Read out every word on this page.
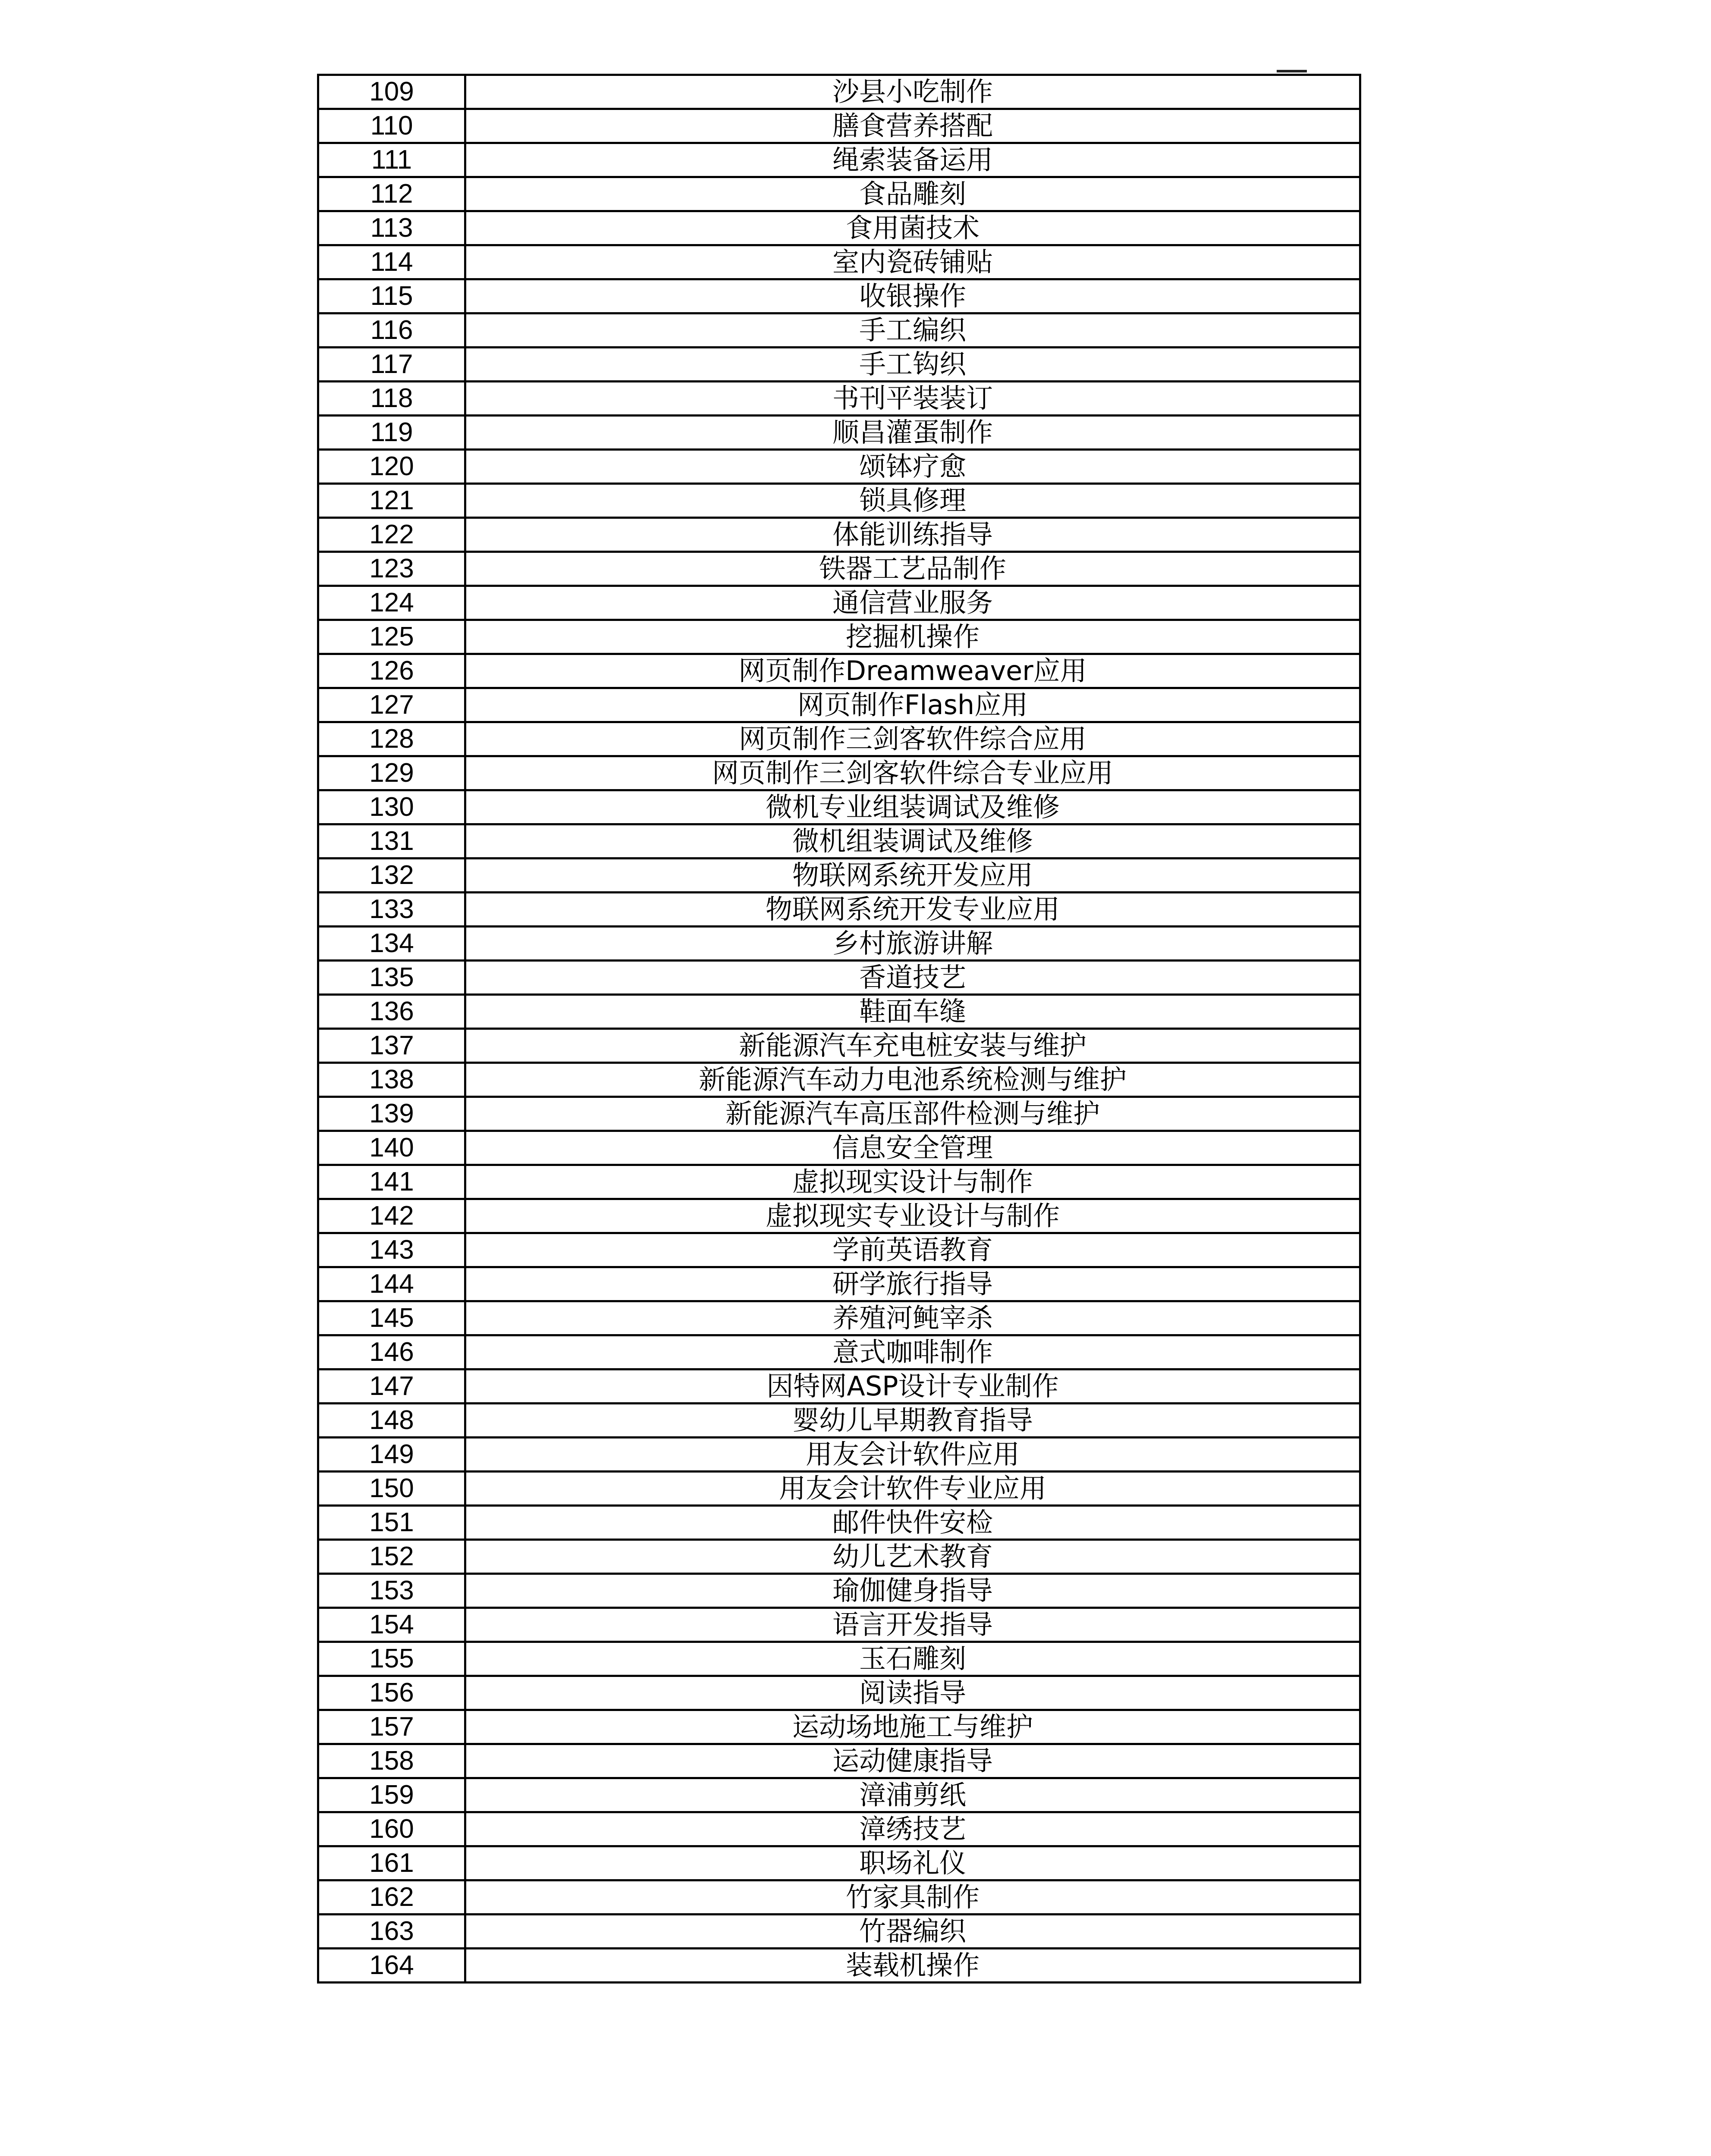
109	沙县小吃制作
110	膳食营养搭配
111	绳索装备运用
112	食品雕刻
113	食用菌技术
114	室内瓷砖铺贴
115	收银操作
116	手工编织
117	手工钩织
118	书刊平装装订
119	顺昌灌蛋制作
120	颂钵疗愈
121	锁具修理
122	体能训练指导
123	铁器工艺品制作
124	通信营业服务
125	挖掘机操作
126	网页制作Dreamweaver应用
127	网页制作Flash应用
128	网页制作三剑客软件综合应用
129	网页制作三剑客软件综合专业应用
130	微机专业组装调试及维修
131	微机组装调试及维修
132	物联网系统开发应用
133	物联网系统开发专业应用
134	乡村旅游讲解
135	香道技艺
136	鞋面车缝
137	新能源汽车充电桩安装与维护
138	新能源汽车动力电池系统检测与维护
139	新能源汽车高压部件检测与维护
140	信息安全管理
141	虚拟现实设计与制作
142	虚拟现实专业设计与制作
143	学前英语教育
144	研学旅行指导
145	养殖河鲀宰杀
146	意式咖啡制作
147	因特网ASP设计专业制作
148	婴幼儿早期教育指导
149	用友会计软件应用
150	用友会计软件专业应用
151	邮件快件安检
152	幼儿艺术教育
153	瑜伽健身指导
154	语言开发指导
155	玉石雕刻
156	阅读指导
157	运动场地施工与维护
158	运动健康指导
159	漳浦剪纸
160	漳绣技艺
161	职场礼仪
162	竹家具制作
163	竹器编织
164	装载机操作
